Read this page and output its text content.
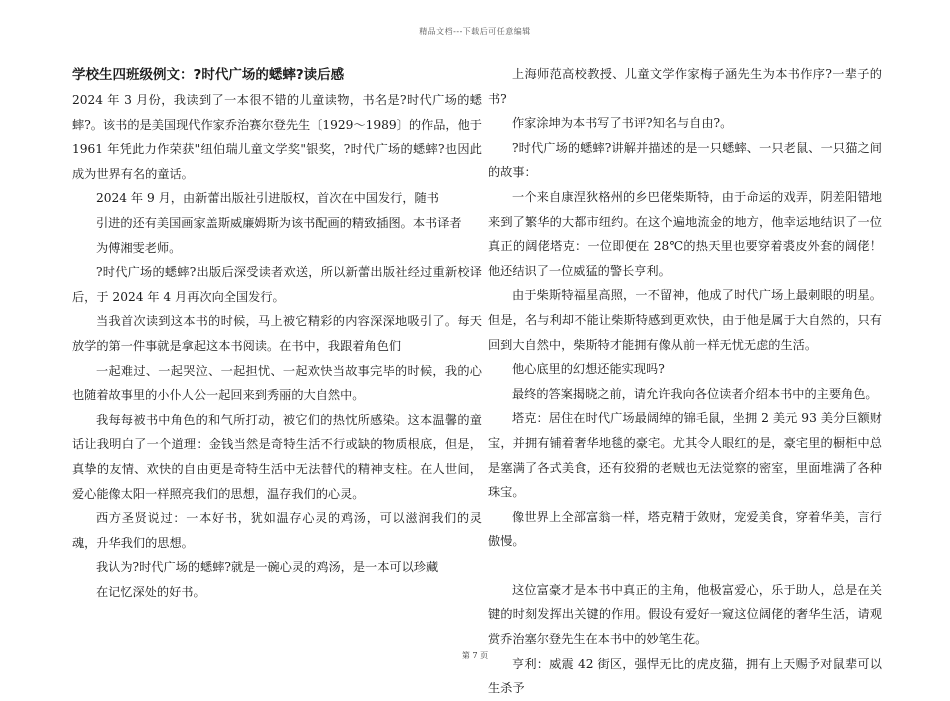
精品文档---下载后可任意编辑
学校生四班级例文：?时代广场的蟋蟀?读后感

2024 年 3 月份，我读到了一本很不错的儿童读物，书名是?时代广场的蟋蟀?。该书的是美国现代作家乔治赛尔登先生〔1929～1989〕的作品，他于 1961 年凭此力作荣获"纽伯瑞儿童文学奖"银奖，?时代广场的蟋蟀?也因此成为世界有名的童话。

2024 年 9 月，由新蕾出版社引进版权，首次在中国发行，随书

引进的还有美国画家盖斯威廉姆斯为该书配画的精致插图。本书译者

为傅湘雯老师。

?时代广场的蟋蟀?出版后深受读者欢送，所以新蕾出版社经过重新校译后，于 2024 年 4 月再次向全国发行。

当我首次读到这本书的时候，马上被它精彩的内容深深地吸引了。每天放学的第一件事就是拿起这本书阅读。在书中，我跟着角色们

一起难过、一起哭泣、一起担忧、一起欢快当故事完毕的时候，我的心也随着故事里的小仆人公一起回来到秀丽的大自然中。

我每每被书中角色的和气所打动，被它们的热忱所感染。这本温馨的童话让我明白了一个道理：金钱当然是奇特生活不行或缺的物质根底，但是，真挚的友情、欢快的自由更是奇特生活中无法替代的精神支柱。在人世间，爱心能像太阳一样照亮我们的思想，温存我们的心灵。

西方圣贤说过：一本好书，犹如温存心灵的鸡汤，可以滋润我们的灵魂，升华我们的思想。

我认为?时代广场的蟋蟀?就是一碗心灵的鸡汤，是一本可以珍藏

在记忆深处的好书。

上海师范高校教授、儿童文学作家梅子涵先生为本书作序?一辈子的书?

作家涂坤为本书写了书评?知名与自由?。

?时代广场的蟋蟀?讲解并描述的是一只蟋蟀、一只老鼠、一只猫之间的故事：

一个来自康涅狄格州的乡巴佬柴斯特，由于命运的戏弄，阴差阳错地来到了繁华的大都市纽约。在这个遍地流金的地方，他幸运地结识了一位真正的阔佬塔克：一位即便在 28℃的热天里也要穿着裘皮外套的阔佬！他还结识了一位威猛的警长亨利。

由于柴斯特福星高照，一不留神，他成了时代广场上最刺眼的明星。但是，名与利却不能让柴斯特感到更欢快，由于他是属于大自然的，只有回到大自然中，柴斯特才能拥有像从前一样无忧无虑的生活。

他心底里的幻想还能实现吗?

最终的答案揭晓之前，请允许我向各位读者介绍本书中的主要角色。

塔克：居住在时代广场最阔绰的锦毛鼠，坐拥 2 美元 93 美分巨额财宝，并拥有铺着奢华地毯的豪宅。尤其令人眼红的是，豪宅里的橱柜中总是塞满了各式美食，还有狡猾的老贼也无法觉察的密室，里面堆满了各种珠宝。

像世界上全部富翁一样，塔克精于敛财，宠爱美食，穿着华美，言行傲慢。

这位富豪才是本书中真正的主角，他极富爱心，乐于助人，总是在关键的时刻发挥出关键的作用。假设有爱好一窥这位阔佬的奢华生活，请观赏乔治塞尔登先生在本书中的妙笔生花。

亨利：威震 42 街区，强悍无比的虎皮猫，拥有上天赐予对鼠辈可以生杀予

第 7 页
